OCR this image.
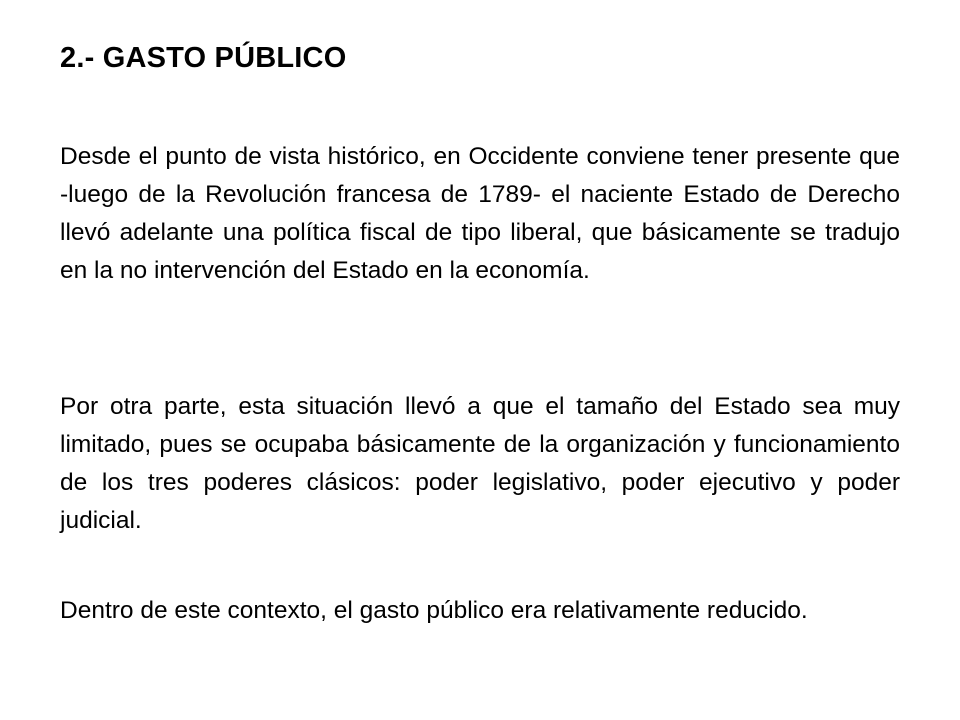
2.- GASTO PÚBLICO
Desde el punto de vista histórico, en Occidente conviene tener presente que -luego de la Revolución francesa de 1789- el naciente Estado de Derecho llevó adelante una política fiscal de tipo liberal, que básicamente se tradujo en la no intervención del Estado en la economía.
Por otra parte, esta situación llevó a que el tamaño del Estado sea muy limitado, pues se ocupaba básicamente de la organización y funcionamiento de los tres poderes clásicos: poder legislativo, poder ejecutivo y poder judicial.
Dentro de este contexto, el gasto público era relativamente reducido.
